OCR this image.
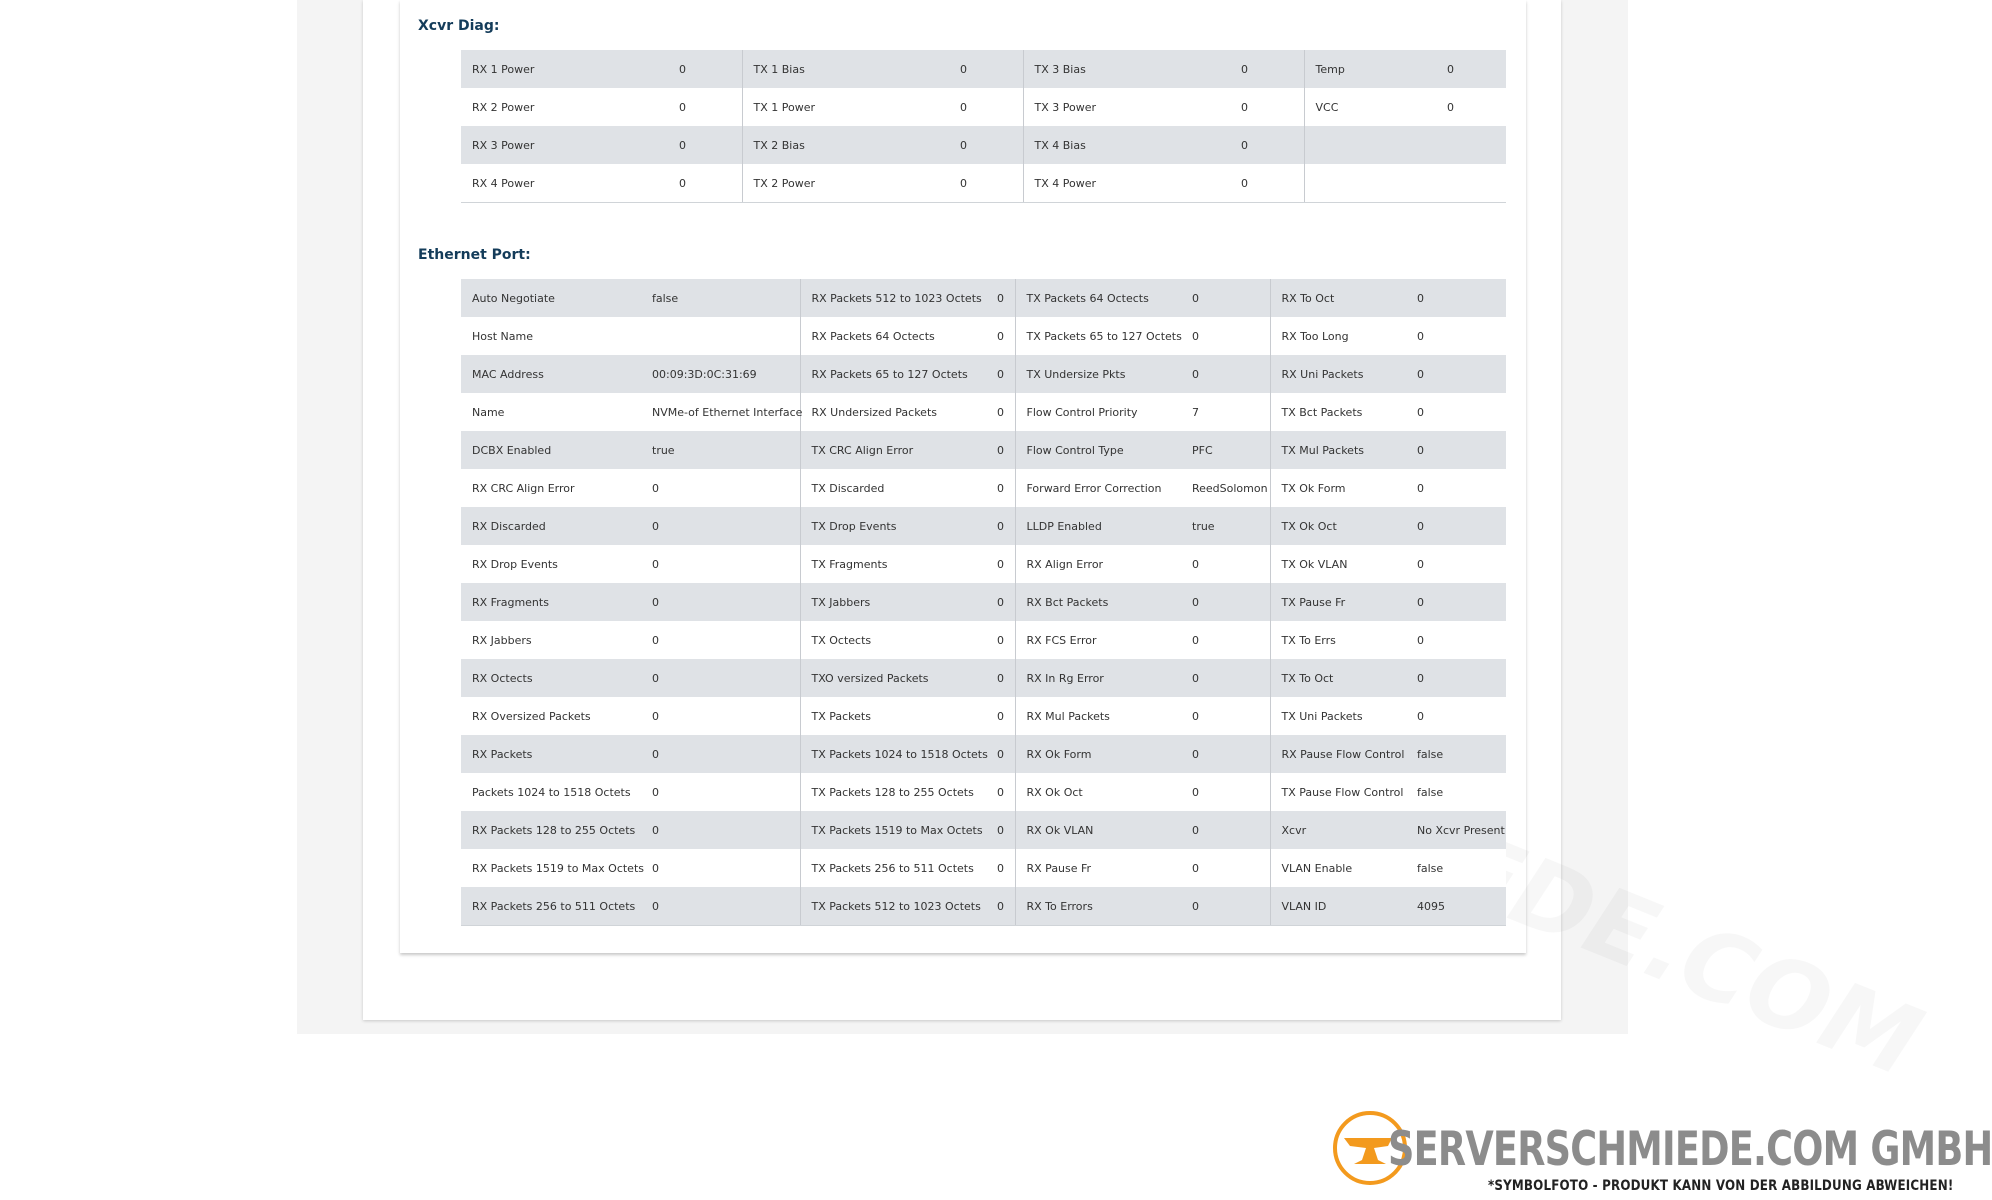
Xcvr Diag:
RX 1 Power	0	TX 1 Bias	0	TX 3 Bias	0	Temp	0
RX 2 Power	0	TX 1 Power	0	TX 3 Power	0	VCC	0
RX 3 Power	0	TX 2 Bias	0	TX 4 Bias	0		
RX 4 Power	0	TX 2 Power	0	TX 4 Power	0		
Ethernet Port:
Auto Negotiate	false	RX Packets 512 to 1023 Octets	0	TX Packets 64 Octects	0	RX To Oct	0
Host Name		RX Packets 64 Octects	0	TX Packets 65 to 127 Octets	0	RX Too Long	0
MAC Address	00:09:3D:0C:31:69	RX Packets 65 to 127 Octets	0	TX Undersize Pkts	0	RX Uni Packets	0
Name	NVMe-of Ethernet Interface	RX Undersized Packets	0	Flow Control Priority	7	TX Bct Packets	0
DCBX Enabled	true	TX CRC Align Error	0	Flow Control Type	PFC	TX Mul Packets	0
RX CRC Align Error	0	TX Discarded	0	Forward Error Correction	ReedSolomon	TX Ok Form	0
RX Discarded	0	TX Drop Events	0	LLDP Enabled	true	TX Ok Oct	0
RX Drop Events	0	TX Fragments	0	RX Align Error	0	TX Ok VLAN	0
RX Fragments	0	TX Jabbers	0	RX Bct Packets	0	TX Pause Fr	0
RX Jabbers	0	TX Octects	0	RX FCS Error	0	TX To Errs	0
RX Octects	0	TXO versized Packets	0	RX In Rg Error	0	TX To Oct	0
RX Oversized Packets	0	TX Packets	0	RX Mul Packets	0	TX Uni Packets	0
RX Packets	0	TX Packets 1024 to 1518 Octets	0	RX Ok Form	0	RX Pause Flow Control	false
Packets 1024 to 1518 Octets	0	TX Packets 128 to 255 Octets	0	RX Ok Oct	0	TX Pause Flow Control	false
RX Packets 128 to 255 Octets	0	TX Packets 1519 to Max Octets	0	RX Ok VLAN	0	Xcvr	No Xcvr Present
RX Packets 1519 to Max Octets	0	TX Packets 256 to 511 Octets	0	RX Pause Fr	0	VLAN Enable	false
RX Packets 256 to 511 Octets	0	TX Packets 512 to 1023 Octets	0	RX To Errors	0	VLAN ID	4095
SERVERSCHMIEDE.COM GMBH
*SYMBOLFOTO - PRODUKT KANN VON DER ABBILDUNG ABWEICHEN!
